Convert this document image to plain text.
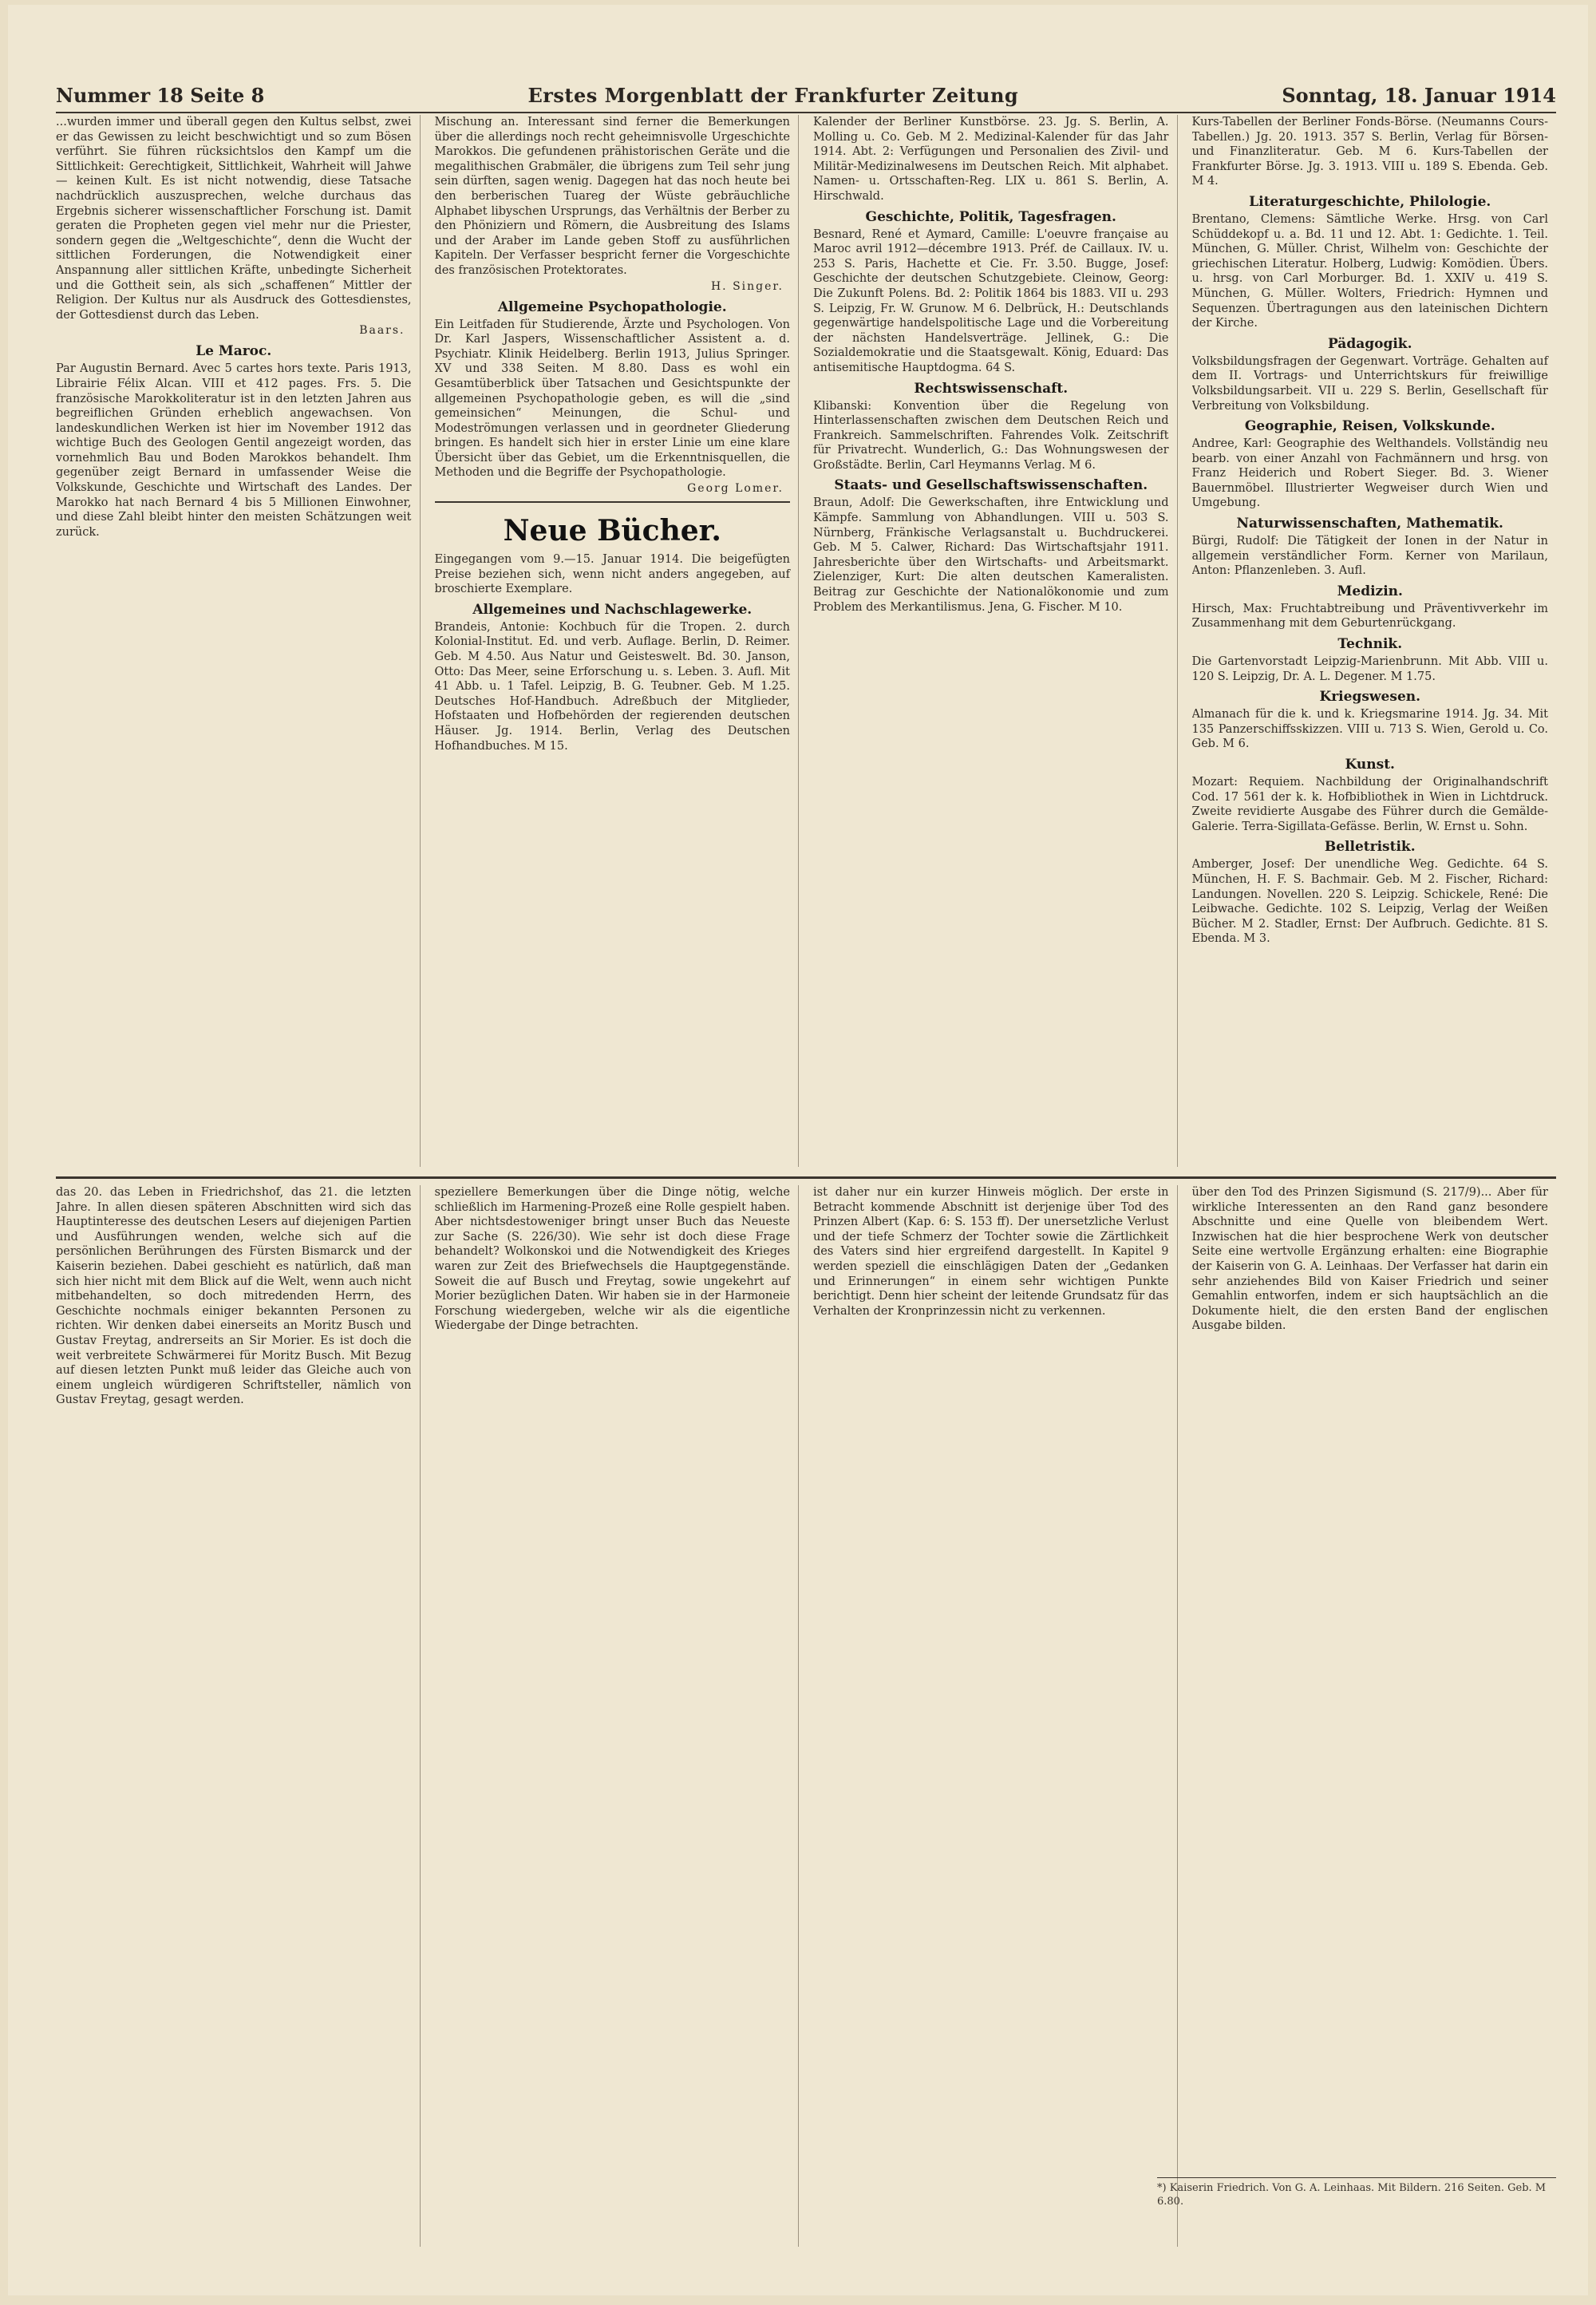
Nummer 18 Seite 8	Erstes Morgenblatt der Frankfurter Zeitung	Sonntag, 18. Januar 1914

...wurden immer und überall gegen den Kultus selbst, zwei er das Gewissen zu leicht beschwichtigt und so zum Bösen verführt. Sie führen rücksichtslos den Kampf um die Sittlichkeit: Gerechtigkeit, Sittlichkeit, Wahrheit will Jahwe — keinen Kult. Es ist nicht notwendig, diese Tatsache nachdrücklich auszusprechen, welche durchaus das Ergebnis sicherer wissenschaftlicher Forschung ist. Damit geraten die Propheten gegen viel mehr nur die Priester, sondern gegen die „Weltgeschichte“, denn die Wucht der sittlichen Forderungen, die Notwendigkeit einer Anspannung aller sittlichen Kräfte, unbedingte Sicherheit und die Gottheit sein, als sich „schaffenen“ Mittler der Religion. Der Kultus nur als Ausdruck des Gottesdienstes, der Gottesdienst durch das Leben.

Baars.
Le Maroc.

Par Augustin Bernard. Avec 5 cartes hors texte. Paris 1913, Librairie Félix Alcan. VIII et 412 pages. Frs. 5. Die französische Marokkoliteratur ist in den letzten Jahren aus begreiflichen Gründen erheblich angewachsen. Von landeskundlichen Werken ist hier im November 1912 das wichtige Buch des Geologen Gentil angezeigt worden, das vornehmlich Bau und Boden Marokkos behandelt. Ihm gegenüber zeigt Bernard in umfassender Weise die Volkskunde, Geschichte und Wirtschaft des Landes. Der Marokko hat nach Bernard 4 bis 5 Millionen Einwohner, und diese Zahl bleibt hinter den meisten Schätzungen weit zurück.

Mischung an. Interessant sind ferner die Bemerkungen über die allerdings noch recht geheimnisvolle Urgeschichte Marokkos. Die gefundenen prähistorischen Geräte und die megalithischen Grabmäler, die übrigens zum Teil sehr jung sein dürften, sagen wenig. Dagegen hat das noch heute bei den berberischen Tuareg der Wüste gebräuchliche Alphabet libyschen Ursprungs, das Verhältnis der Berber zu den Phöniziern und Römern, die Ausbreitung des Islams und der Araber im Lande geben Stoff zu ausführlichen Kapiteln. Der Verfasser bespricht ferner die Vorgeschichte des französischen Protektorates.

H. Singer.
Allgemeine Psychopathologie.

Ein Leitfaden für Studierende, Ärzte und Psychologen. Von Dr. Karl Jaspers, Wissenschaftlicher Assistent a. d. Psychiatr. Klinik Heidelberg. Berlin 1913, Julius Springer. XV und 338 Seiten. M 8.80. Dass es wohl ein Gesamtüberblick über Tatsachen und Gesichtspunkte der allgemeinen Psychopathologie geben, es will die „sind gemeinsichen“ Meinungen, die Schul- und Modeströmungen verlassen und in geordneter Gliederung bringen. Es handelt sich hier in erster Linie um eine klare Übersicht über das Gebiet, um die Erkenntnisquellen, die Methoden und die Begriffe der Psychopathologie.

Georg Lomer.
Neue Bücher.

Eingegangen vom 9.—15. Januar 1914. Die beigefügten Preise beziehen sich, wenn nicht anders angegeben, auf broschierte Exemplare.

Allgemeines und Nachschlagewerke.

Brandeis, Antonie: Kochbuch für die Tropen. 2. durch Kolonial-Institut. Ed. und verb. Auflage. Berlin, D. Reimer. Geb. M 4.50. Aus Natur und Geisteswelt. Bd. 30. Janson, Otto: Das Meer, seine Erforschung u. s. Leben. 3. Aufl. Mit 41 Abb. u. 1 Tafel. Leipzig, B. G. Teubner. Geb. M 1.25. Deutsches Hof-Handbuch. Adreßbuch der Mitglieder, Hofstaaten und Hofbehörden der regierenden deutschen Häuser. Jg. 1914. Berlin, Verlag des Deutschen Hofhandbuches. M 15.

Kalender der Berliner Kunstbörse. 23. Jg. S. Berlin, A. Molling u. Co. Geb. M 2. Medizinal-Kalender für das Jahr 1914. Abt. 2: Verfügungen und Personalien des Zivil- und Militär-Medizinalwesens im Deutschen Reich. Mit alphabet. Namen- u. Ortsschaften-Reg. LIX u. 861 S. Berlin, A. Hirschwald.

Geschichte, Politik, Tagesfragen.

Besnard, René et Aymard, Camille: L'oeuvre française au Maroc avril 1912—décembre 1913. Préf. de Caillaux. IV. u. 253 S. Paris, Hachette et Cie. Fr. 3.50. Bugge, Josef: Geschichte der deutschen Schutzgebiete. Cleinow, Georg: Die Zukunft Polens. Bd. 2: Politik 1864 bis 1883. VII u. 293 S. Leipzig, Fr. W. Grunow. M 6. Delbrück, H.: Deutschlands gegenwärtige handelspolitische Lage und die Vorbereitung der nächsten Handelsverträge. Jellinek, G.: Die Sozialdemokratie und die Staatsgewalt. König, Eduard: Das antisemitische Hauptdogma. 64 S.

Rechtswissenschaft.

Klibanski: Konvention über die Regelung von Hinterlassenschaften zwischen dem Deutschen Reich und Frankreich. Sammelschriften. Fahrendes Volk. Zeitschrift für Privatrecht. Wunderlich, G.: Das Wohnungswesen der Großstädte. Berlin, Carl Heymanns Verlag. M 6.

Staats- und Gesellschaftswissenschaften.

Braun, Adolf: Die Gewerkschaften, ihre Entwicklung und Kämpfe. Sammlung von Abhandlungen. VIII u. 503 S. Nürnberg, Fränkische Verlagsanstalt u. Buchdruckerei. Geb. M 5. Calwer, Richard: Das Wirtschaftsjahr 1911. Jahresberichte über den Wirtschafts- und Arbeitsmarkt. Zielenziger, Kurt: Die alten deutschen Kameralisten. Beitrag zur Geschichte der Nationalökonomie und zum Problem des Merkantilismus. Jena, G. Fischer. M 10.

Kurs-Tabellen der Berliner Fonds-Börse. (Neumanns Cours-Tabellen.) Jg. 20. 1913. 357 S. Berlin, Verlag für Börsen- und Finanzliteratur. Geb. M 6. Kurs-Tabellen der Frankfurter Börse. Jg. 3. 1913. VIII u. 189 S. Ebenda. Geb. M 4.

Literaturgeschichte, Philologie.

Brentano, Clemens: Sämtliche Werke. Hrsg. von Carl Schüddekopf u. a. Bd. 11 und 12. Abt. 1: Gedichte. 1. Teil. München, G. Müller. Christ, Wilhelm von: Geschichte der griechischen Literatur. Holberg, Ludwig: Komödien. Übers. u. hrsg. von Carl Morburger. Bd. 1. XXIV u. 419 S. München, G. Müller. Wolters, Friedrich: Hymnen und Sequenzen. Übertragungen aus den lateinischen Dichtern der Kirche.

Pädagogik.

Volksbildungsfragen der Gegenwart. Vorträge. Gehalten auf dem II. Vortrags- und Unterrichtskurs für freiwillige Volksbildungsarbeit. VII u. 229 S. Berlin, Gesellschaft für Verbreitung von Volksbildung.

Geographie, Reisen, Volkskunde.

Andree, Karl: Geographie des Welthandels. Vollständig neu bearb. von einer Anzahl von Fachmännern und hrsg. von Franz Heiderich und Robert Sieger. Bd. 3. Wiener Bauernmöbel. Illustrierter Wegweiser durch Wien und Umgebung.

Naturwissenschaften, Mathematik.

Bürgi, Rudolf: Die Tätigkeit der Ionen in der Natur in allgemein verständlicher Form. Kerner von Marilaun, Anton: Pflanzenleben. 3. Aufl.

Medizin.

Hirsch, Max: Fruchtabtreibung und Präventivverkehr im Zusammenhang mit dem Geburtenrückgang.

Technik.

Die Gartenvorstadt Leipzig-Marienbrunn. Mit Abb. VIII u. 120 S. Leipzig, Dr. A. L. Degener. M 1.75.

Kriegswesen.

Almanach für die k. und k. Kriegsmarine 1914. Jg. 34. Mit 135 Panzerschiffsskizzen. VIII u. 713 S. Wien, Gerold u. Co. Geb. M 6.

Kunst.

Mozart: Requiem. Nachbildung der Originalhandschrift Cod. 17 561 der k. k. Hofbibliothek in Wien in Lichtdruck. Zweite revidierte Ausgabe des Führer durch die Gemälde-Galerie. Terra-Sigillata-Gefässe. Berlin, W. Ernst u. Sohn.

Belletristik.

Amberger, Josef: Der unendliche Weg. Gedichte. 64 S. München, H. F. S. Bachmair. Geb. M 2. Fischer, Richard: Landungen. Novellen. 220 S. Leipzig. Schickele, René: Die Leibwache. Gedichte. 102 S. Leipzig, Verlag der Weißen Bücher. M 2. Stadler, Ernst: Der Aufbruch. Gedichte. 81 S. Ebenda. M 3.

das 20. das Leben in Friedrichshof, das 21. die letzten Jahre. In allen diesen späteren Abschnitten wird sich das Hauptinteresse des deutschen Lesers auf diejenigen Partien und Ausführungen wenden, welche sich auf die persönlichen Berührungen des Fürsten Bismarck und der Kaiserin beziehen. Dabei geschieht es natürlich, daß man sich hier nicht mit dem Blick auf die Welt, wenn auch nicht mitbehandelten, so doch mitredenden Herrn, des Geschichte nochmals einiger bekannten Personen zu richten. Wir denken dabei einerseits an Moritz Busch und Gustav Freytag, andrerseits an Sir Morier. Es ist doch die weit verbreitete Schwärmerei für Moritz Busch. Mit Bezug auf diesen letzten Punkt muß leider das Gleiche auch von einem ungleich würdigeren Schriftsteller, nämlich von Gustav Freytag, gesagt werden.

speziellere Bemerkungen über die Dinge nötig, welche schließlich im Harmening-Prozeß eine Rolle gespielt haben. Aber nichtsdestoweniger bringt unser Buch das Neueste zur Sache (S. 226/30). Wie sehr ist doch diese Frage behandelt? Wolkonskoi und die Notwendigkeit des Krieges waren zur Zeit des Briefwechsels die Hauptgegenstände. Soweit die auf Busch und Freytag, sowie ungekehrt auf Morier bezüglichen Daten. Wir haben sie in der Harmoneie Forschung wiedergeben, welche wir als die eigentliche Wiedergabe der Dinge betrachten.

ist daher nur ein kurzer Hinweis möglich. Der erste in Betracht kommende Abschnitt ist derjenige über Tod des Prinzen Albert (Kap. 6: S. 153 ff). Der unersetzliche Verlust und der tiefe Schmerz der Tochter sowie die Zärtlichkeit des Vaters sind hier ergreifend dargestellt. In Kapitel 9 werden speziell die einschlägigen Daten der „Gedanken und Erinnerungen“ in einem sehr wichtigen Punkte berichtigt. Denn hier scheint der leitende Grundsatz für das Verhalten der Kronprinzessin nicht zu verkennen.

über den Tod des Prinzen Sigismund (S. 217/9)... Aber für wirkliche Interessenten an den Rand ganz besondere Abschnitte und eine Quelle von bleibendem Wert. Inzwischen hat die hier besprochene Werk von deutscher Seite eine wertvolle Ergänzung erhalten: eine Biographie der Kaiserin von G. A. Leinhaas. Der Verfasser hat darin ein sehr anziehendes Bild von Kaiser Friedrich und seiner Gemahlin entworfen, indem er sich hauptsächlich an die Dokumente hielt, die den ersten Band der englischen Ausgabe bilden.

*) Kaiserin Friedrich. Von G. A. Leinhaas. Mit Bildern. 216 Seiten. Geb. M 6.80.
